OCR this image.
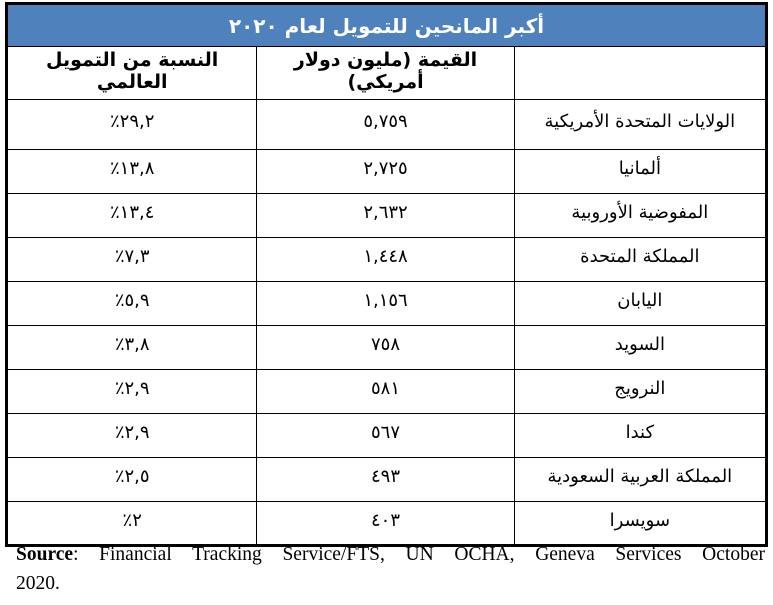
أكبر المانحين للتمويل لعام ٢٠٢٠		
	القيمة (مليون دولار أمريكي)	النسبة من التمويل العالمي
الولايات المتحدة الأمريكية	٥,٧٥٩	٢٩,٢٪
ألمانيا	٢,٧٢٥	١٣,٨٪
المفوضية الأوروبية	٢,٦٣٢	١٣,٤٪
المملكة المتحدة	١,٤٤٨	٧,٣٪
اليابان	١,١٥٦	٥,٩٪
السويد	٧٥٨	٣,٨٪
النرويج	٥٨١	٢,٩٪
كندا	٥٦٧	٢,٩٪
المملكة العربية السعودية	٤٩٣	٢,٥٪
سويسرا	٤٠٣	٢٪
Source: Financial Tracking Service/FTS, UN OCHA, Geneva Services October
2020.
